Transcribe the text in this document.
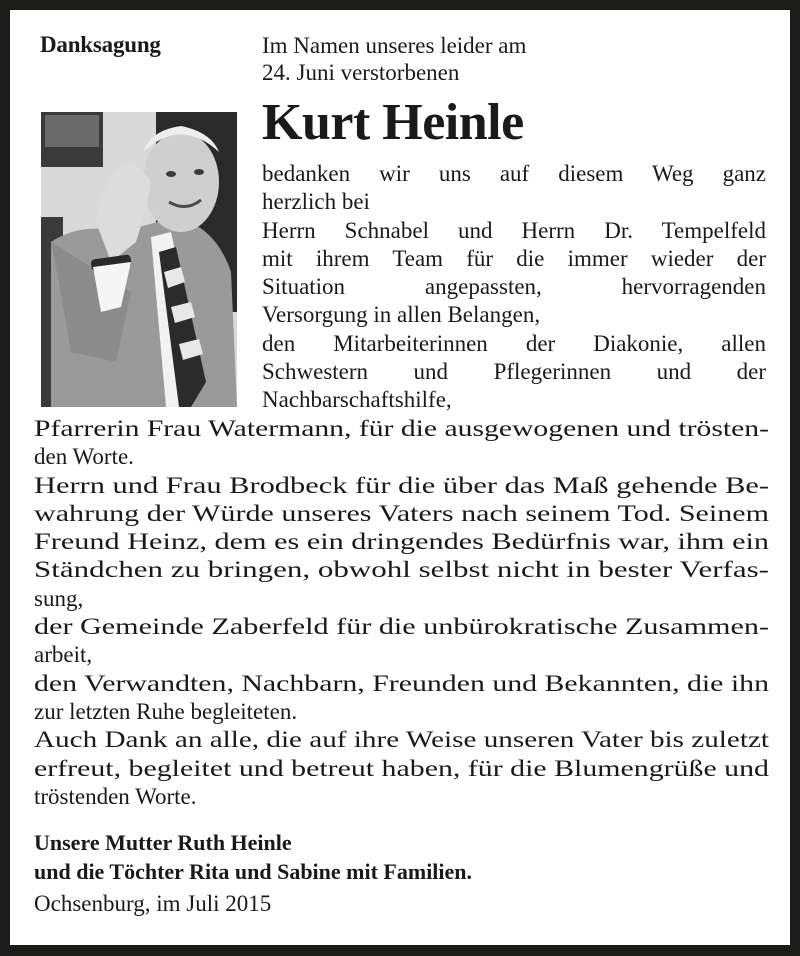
Danksagung	Im Namen unseres leider am
24. Juni verstorbenen
Kurt Heinle
bedanken wir uns auf diesem Weg ganz
herzlich bei
Herrn Schnabel und Herrn Dr. Tempelfeld
mit ihrem Team für die immer wieder der
Situation angepassten, hervorragenden
Versorgung in allen Belangen,
den Mitarbeiterinnen der Diakonie, allen
Schwestern und Pflegerinnen und der
Nachbarschaftshilfe,
Pfarrerin Frau Watermann, für die ausgewogenen und trösten-
den Worte.
Herrn und Frau Brodbeck für die über das Maß gehende Be-
wahrung der Würde unseres Vaters nach seinem Tod. Seinem
Freund Heinz, dem es ein dringendes Bedürfnis war, ihm ein
Ständchen zu bringen, obwohl selbst nicht in bester Verfas-
sung,
der Gemeinde Zaberfeld für die unbürokratische Zusammen-
arbeit,
den Verwandten, Nachbarn, Freunden und Bekannten, die ihn
zur letzten Ruhe begleiteten.
Auch Dank an alle, die auf ihre Weise unseren Vater bis zuletzt
erfreut, begleitet und betreut haben, für die Blumengrüße und
tröstenden Worte.
Unsere Mutter Ruth Heinle
und die Töchter Rita und Sabine mit Familien.
Ochsenburg, im Juli 2015
